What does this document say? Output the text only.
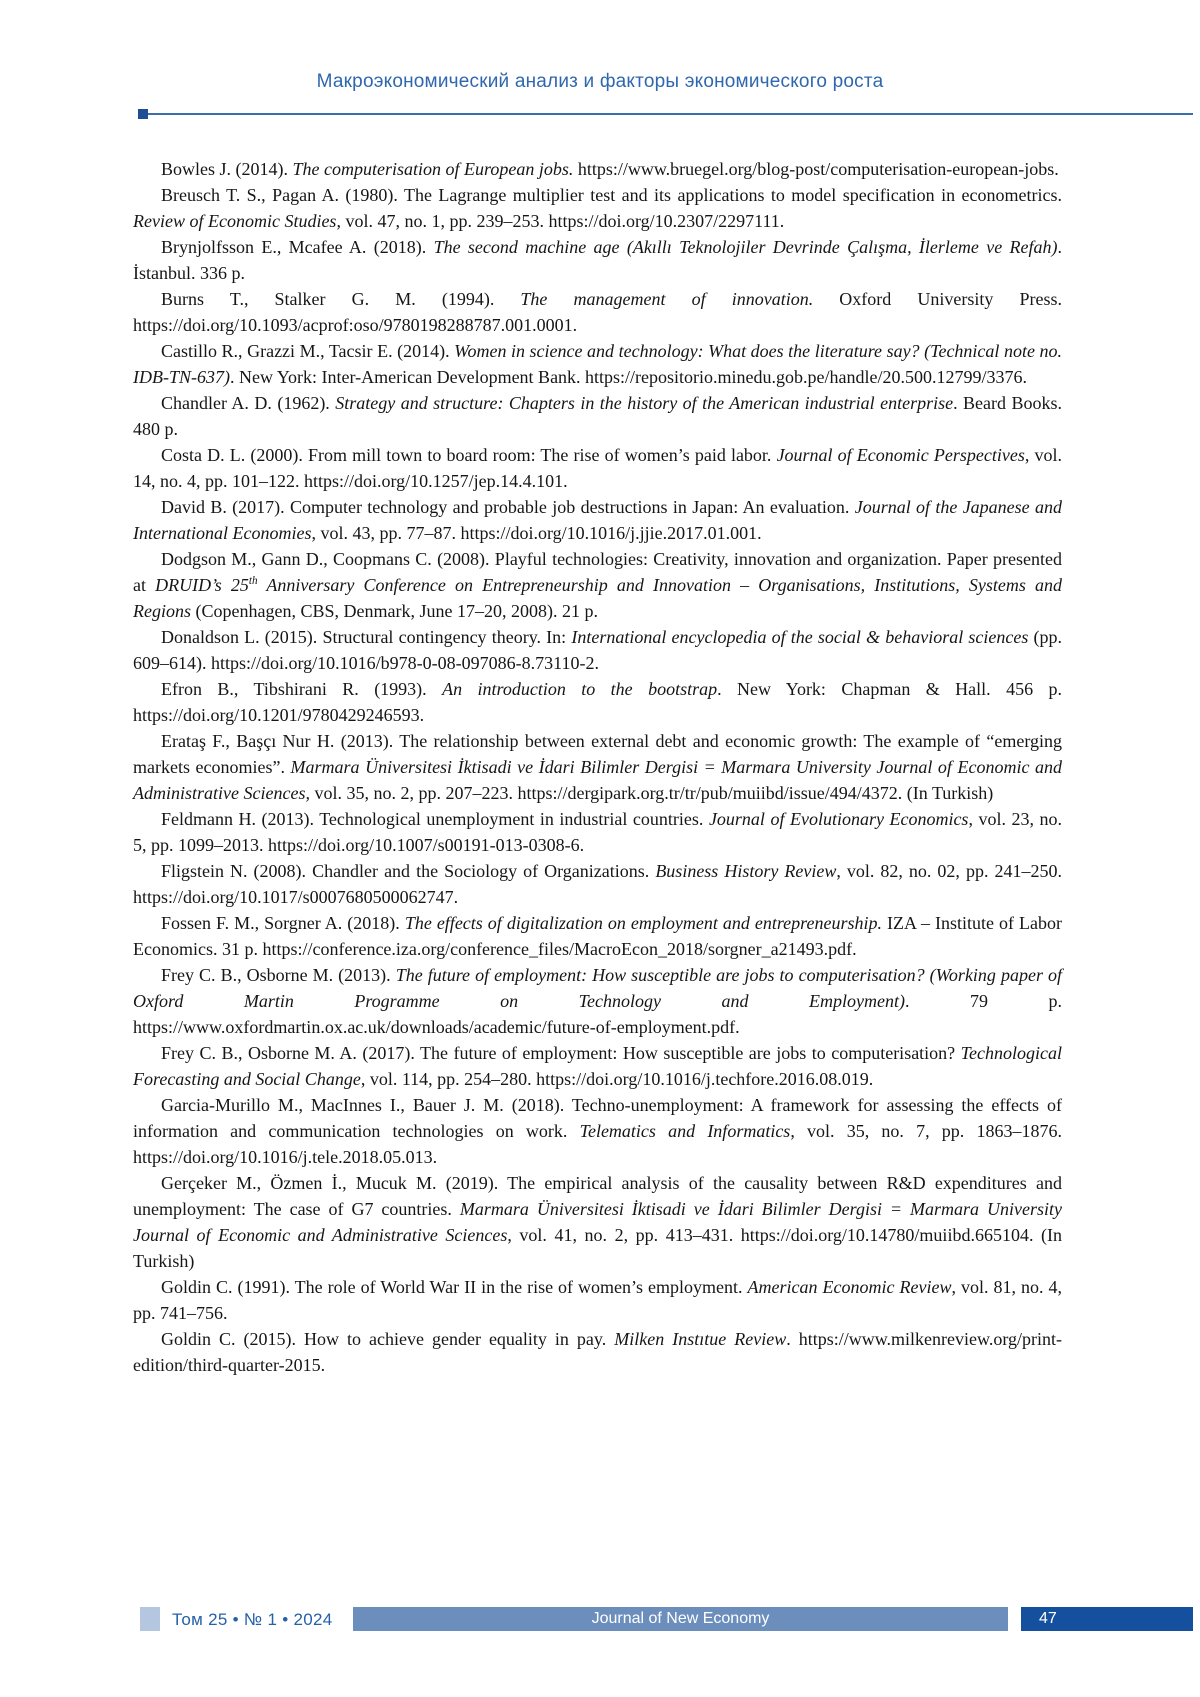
Макроэкономический анализ и факторы экономического роста

Bowles J. (2014). The computerisation of European jobs. https://www.bruegel.org/blog-post/computerisation-european-jobs.

Breusch T. S., Pagan A. (1980). The Lagrange multiplier test and its applications to model specification in econometrics. Review of Economic Studies, vol. 47, no. 1, pp. 239–253. https://doi.org/10.2307/2297111.

Brynjolfsson E., Mcafee A. (2018). The second machine age (Akıllı Teknolojiler Devrinde Çalışma, İlerleme ve Refah). İstanbul. 336 p.

Burns T., Stalker G. M. (1994). The management of innovation. Oxford University Press. https://doi.org/10.1093/acprof:oso/9780198288787.001.0001.

Castillo R., Grazzi M., Tacsir E. (2014). Women in science and technology: What does the literature say? (Technical note no. IDB-TN-637). New York: Inter-American Development Bank. https://repositorio.minedu.gob.pe/handle/20.500.12799/3376.

Chandler A. D. (1962). Strategy and structure: Chapters in the history of the American industrial enterprise. Beard Books. 480 p.

Costa D. L. (2000). From mill town to board room: The rise of women’s paid labor. Journal of Economic Perspectives, vol. 14, no. 4, pp. 101–122. https://doi.org/10.1257/jep.14.4.101.

David B. (2017). Computer technology and probable job destructions in Japan: An evaluation. Journal of the Japanese and International Economies, vol. 43, pp. 77–87. https://doi.org/10.1016/j.jjie.2017.01.001.

Dodgson M., Gann D., Coopmans C. (2008). Playful technologies: Creativity, innovation and organization. Paper presented at DRUID’s 25th Anniversary Conference on Entrepreneurship and Innovation – Organisations, Institutions, Systems and Regions (Copenhagen, CBS, Denmark, June 17–20, 2008). 21 p.

Donaldson L. (2015). Structural contingency theory. In: International encyclopedia of the social & behavioral sciences (pp. 609–614). https://doi.org/10.1016/b978-0-08-097086-8.73110-2.

Efron B., Tibshirani R. (1993). An introduction to the bootstrap. New York: Chapman & Hall. 456 p. https://doi.org/10.1201/9780429246593.

Erataş F., Başçı Nur H. (2013). The relationship between external debt and economic growth: The example of “emerging markets economies”. Marmara Üniversitesi İktisadi ve İdari Bilimler Dergisi = Marmara University Journal of Economic and Administrative Sciences, vol. 35, no. 2, pp. 207–223. https://dergipark.org.tr/tr/pub/muiibd/issue/494/4372. (In Turkish)

Feldmann H. (2013). Technological unemployment in industrial countries. Journal of Evolutionary Economics, vol. 23, no. 5, pp. 1099–2013. https://doi.org/10.1007/s00191-013-0308-6.

Fligstein N. (2008). Chandler and the Sociology of Organizations. Business History Review, vol. 82, no. 02, pp. 241–250. https://doi.org/10.1017/s0007680500062747.

Fossen F. M., Sorgner A. (2018). The effects of digitalization on employment and entrepreneurship. IZA – Institute of Labor Economics. 31 p. https://conference.iza.org/conference_files/MacroEcon_2018/sorgner_a21493.pdf.

Frey C. B., Osborne M. (2013). The future of employment: How susceptible are jobs to computerisation? (Working paper of Oxford Martin Programme on Technology and Employment). 79 p. https://www.oxfordmartin.ox.ac.uk/downloads/academic/future-of-employment.pdf.

Frey C. B., Osborne M. A. (2017). The future of employment: How susceptible are jobs to computerisation? Technological Forecasting and Social Change, vol. 114, pp. 254–280. https://doi.org/10.1016/j.techfore.2016.08.019.

Garcia-Murillo M., MacInnes I., Bauer J. M. (2018). Techno-unemployment: A framework for assessing the effects of information and communication technologies on work. Telematics and Informatics, vol. 35, no. 7, pp. 1863–1876. https://doi.org/10.1016/j.tele.2018.05.013.

Gerçeker M., Özmen İ., Mucuk M. (2019). The empirical analysis of the causality between R&D expenditures and unemployment: The case of G7 countries. Marmara Üniversitesi İktisadi ve İdari Bilimler Dergisi = Marmara University Journal of Economic and Administrative Sciences, vol. 41, no. 2, pp. 413–431. https://doi.org/10.14780/muiibd.665104. (In Turkish)

Goldin C. (1991). The role of World War II in the rise of women’s employment. American Economic Review, vol. 81, no. 4, pp. 741–756.

Goldin C. (2015). How to achieve gender equality in pay. Milken Instıtue Review. https://www.milkenreview.org/print-edition/third-quarter-2015.

Том 25 • № 1 • 2024	Journal of New Economy	47
